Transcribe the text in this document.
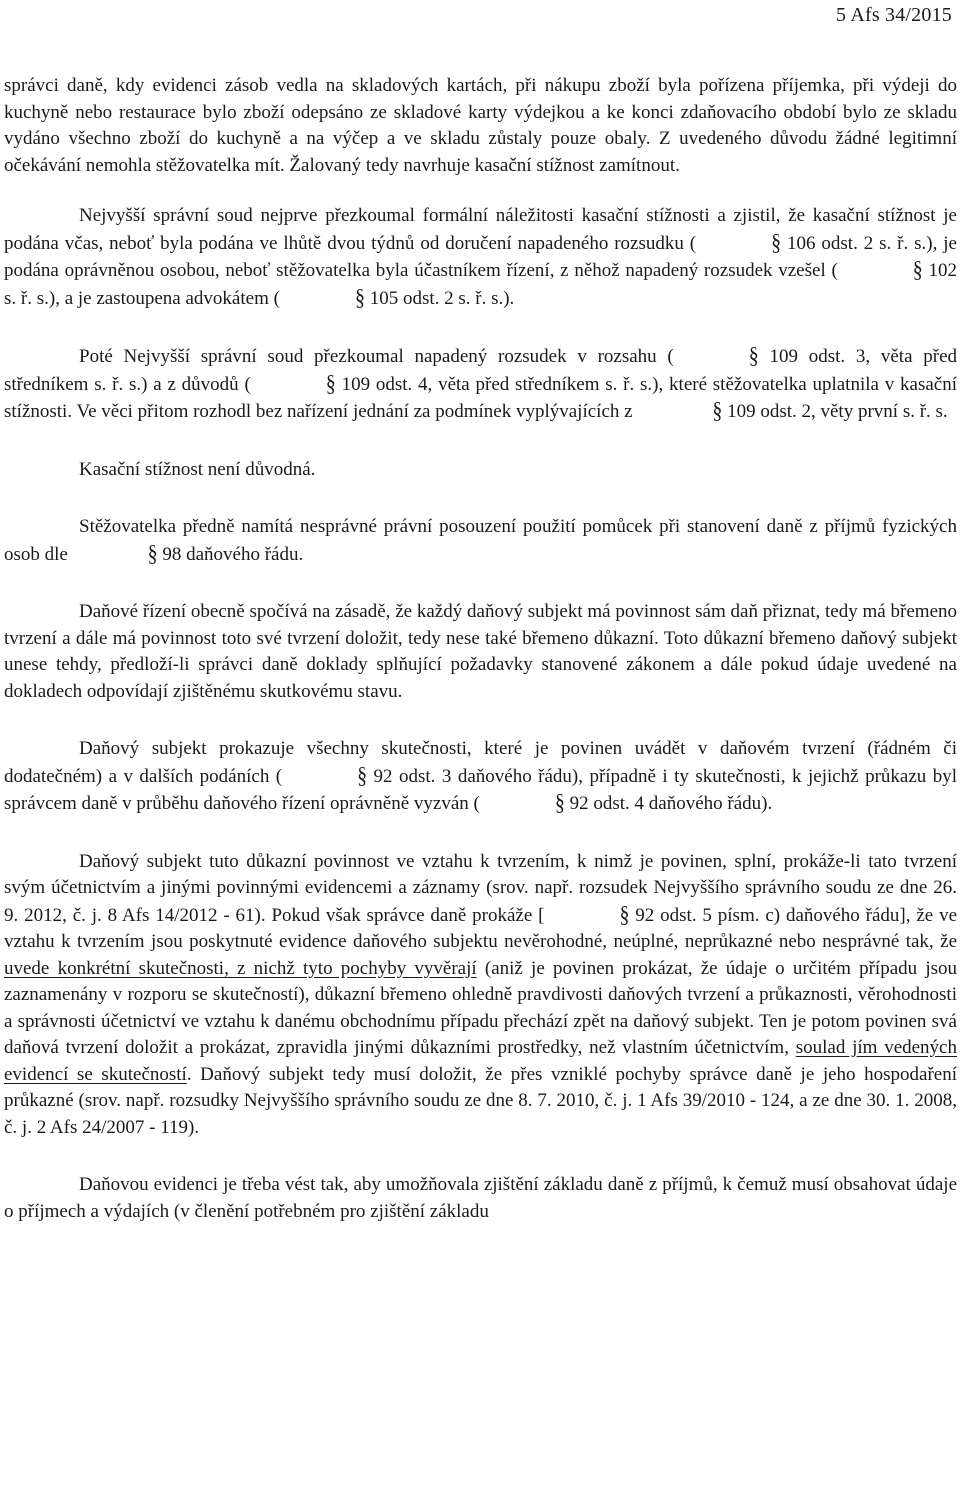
5 Afs 34/2015

správci daně, kdy evidenci zásob vedla na skladových kartách, při nákupu zboží byla pořízena příjemka, při výdeji do kuchyně nebo restaurace bylo zboží odepsáno ze skladové karty výdejkou a ke konci zdaňovacího období bylo ze skladu vydáno všechno zboží do kuchyně a na výčep a ve skladu zůstaly pouze obaly. Z uvedeného důvodu žádné legitimní očekávání nemohla stěžovatelka mít. Žalovaný tedy navrhuje kasační stížnost zamítnout.

Nejvyšší správní soud nejprve přezkoumal formální náležitosti kasační stížnosti a zjistil, že kasační stížnost je podána včas, neboť byla podána ve lhůtě dvou týdnů od doručení napadeného rozsudku (	§ 106 odst. 2 s. ř. s.), je podána oprávněnou osobou, neboť stěžovatelka byla účastníkem řízení, z něhož napadený rozsudek vzešel (	§ 102 s. ř. s.), a je zastoupena advokátem (	§ 105 odst. 2 s. ř. s.).

Poté Nejvyšší správní soud přezkoumal napadený rozsudek v rozsahu (	§ 109 odst. 3, věta před středníkem s. ř. s.) a z důvodů (	§ 109 odst. 4, věta před středníkem s. ř. s.), které stěžovatelka uplatnila v kasační stížnosti. Ve věci přitom rozhodl bez nařízení jednání za podmínek vyplývajících z	§ 109 odst. 2, věty první s. ř. s.

Kasační stížnost není důvodná.

Stěžovatelka předně namítá nesprávné právní posouzení použití pomůcek při stanovení daně z příjmů fyzických osob dle	§ 98 daňového řádu.

Daňové řízení obecně spočívá na zásadě, že každý daňový subjekt má povinnost sám daň přiznat, tedy má břemeno tvrzení a dále má povinnost toto své tvrzení doložit, tedy nese také břemeno důkazní. Toto důkazní břemeno daňový subjekt unese tehdy, předloží-li správci daně doklady splňující požadavky stanovené zákonem a dále pokud údaje uvedené na dokladech odpovídají zjištěnému skutkovému stavu.

Daňový subjekt prokazuje všechny skutečnosti, které je povinen uvádět v daňovém tvrzení (řádném či dodatečném) a v dalších podáních (	§ 92 odst. 3 daňového řádu), případně i ty skutečnosti, k jejichž průkazu byl správcem daně v průběhu daňového řízení oprávněně vyzván (	§ 92 odst. 4 daňového řádu).

Daňový subjekt tuto důkazní povinnost ve vztahu k tvrzením, k nimž je povinen, splní, prokáže-li tato tvrzení svým účetnictvím a jinými povinnými evidencemi a záznamy (srov. např. rozsudek Nejvyššího správního soudu ze dne 26. 9. 2012, č. j. 8 Afs 14/2012 - 61). Pokud však správce daně prokáže [	§ 92 odst. 5 písm. c) daňového řádu], že ve vztahu k tvrzením jsou poskytnuté evidence daňového subjektu nevěrohodné, neúplné, neprůkazné nebo nesprávné tak, že uvede konkrétní skutečnosti, z nichž tyto pochyby vyvěrají (aniž je povinen prokázat, že údaje o určitém případu jsou zaznamenány v rozporu se skutečností), důkazní břemeno ohledně pravdivosti daňových tvrzení a průkaznosti, věrohodnosti a správnosti účetnictví ve vztahu k danému obchodnímu případu přechází zpět na daňový subjekt. Ten je potom povinen svá daňová tvrzení doložit a prokázat, zpravidla jinými důkazními prostředky, než vlastním účetnictvím, soulad jím vedených evidencí se skutečností. Daňový subjekt tedy musí doložit, že přes vzniklé pochyby správce daně je jeho hospodaření průkazné (srov. např. rozsudky Nejvyššího správního soudu ze dne 8. 7. 2010, č. j. 1 Afs 39/2010 - 124, a ze dne 30. 1. 2008, č. j. 2 Afs 24/2007 - 119).

Daňovou evidenci je třeba vést tak, aby umožňovala zjištění základu daně z příjmů, k čemuž musí obsahovat údaje o příjmech a výdajích (v členění potřebném pro zjištění základu
